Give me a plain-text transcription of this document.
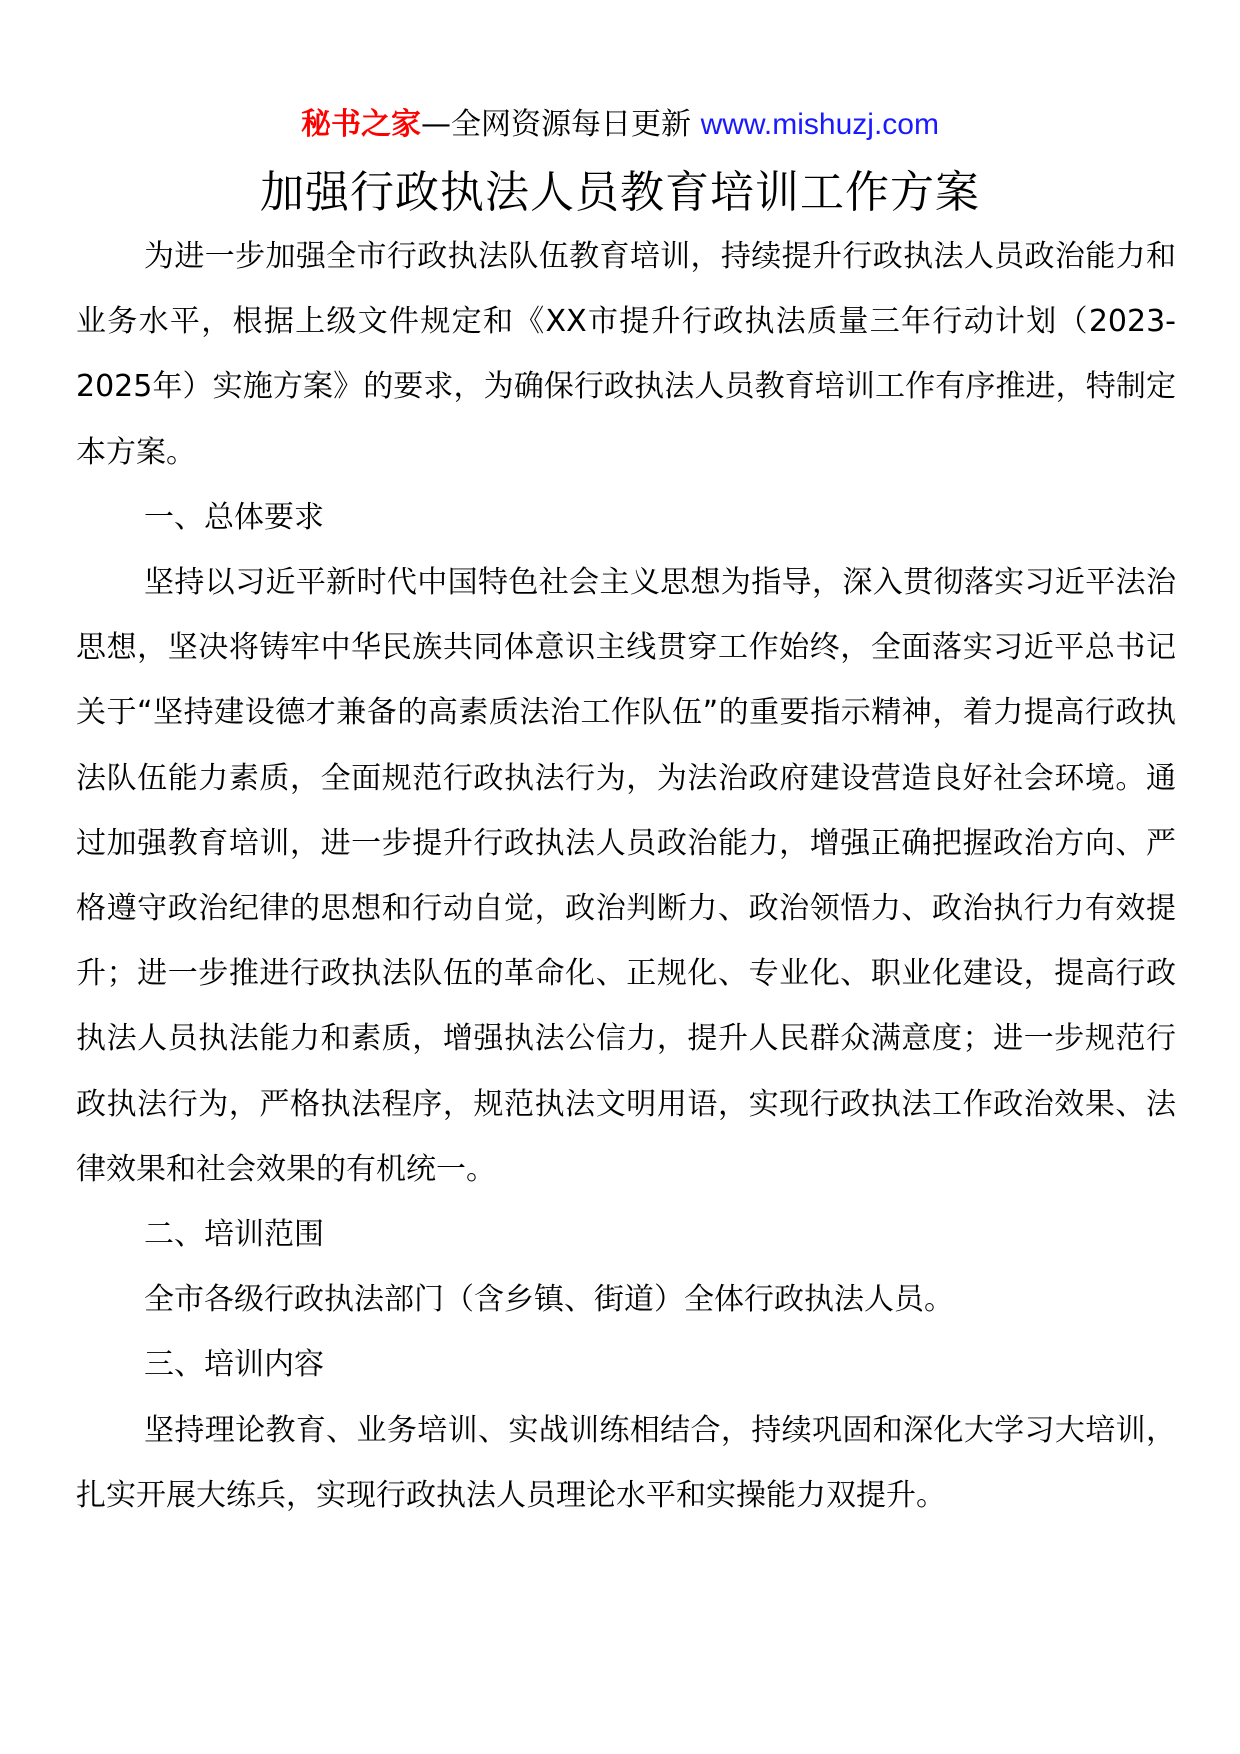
秘书之家—全网资源每日更新 www.mishuzj.com
加强行政执法人员教育培训工作方案

为进一步加强全市行政执法队伍教育培训，持续提升行政执法人员政治能力和业务水平，根据上级文件规定和《XX市提升行政执法质量三年行动计划（2023-2025年）实施方案》的要求，为确保行政执法人员教育培训工作有序推进，特制定本方案。

一、总体要求

坚持以习近平新时代中国特色社会主义思想为指导，深入贯彻落实习近平法治思想，坚决将铸牢中华民族共同体意识主线贯穿工作始终，全面落实习近平总书记关于“坚持建设德才兼备的高素质法治工作队伍”的重要指示精神，着力提高行政执法队伍能力素质，全面规范行政执法行为，为法治政府建设营造良好社会环境。通过加强教育培训，进一步提升行政执法人员政治能力，增强正确把握政治方向、严格遵守政治纪律的思想和行动自觉，政治判断力、政治领悟力、政治执行力有效提升；进一步推进行政执法队伍的革命化、正规化、专业化、职业化建设，提高行政执法人员执法能力和素质，增强执法公信力，提升人民群众满意度；进一步规范行政执法行为，严格执法程序，规范执法文明用语，实现行政执法工作政治效果、法律效果和社会效果的有机统一。

二、培训范围

全市各级行政执法部门（含乡镇、街道）全体行政执法人员。

三、培训内容

坚持理论教育、业务培训、实战训练相结合，持续巩固和深化大学习大培训，扎实开展大练兵，实现行政执法人员理论水平和实操能力双提升。
